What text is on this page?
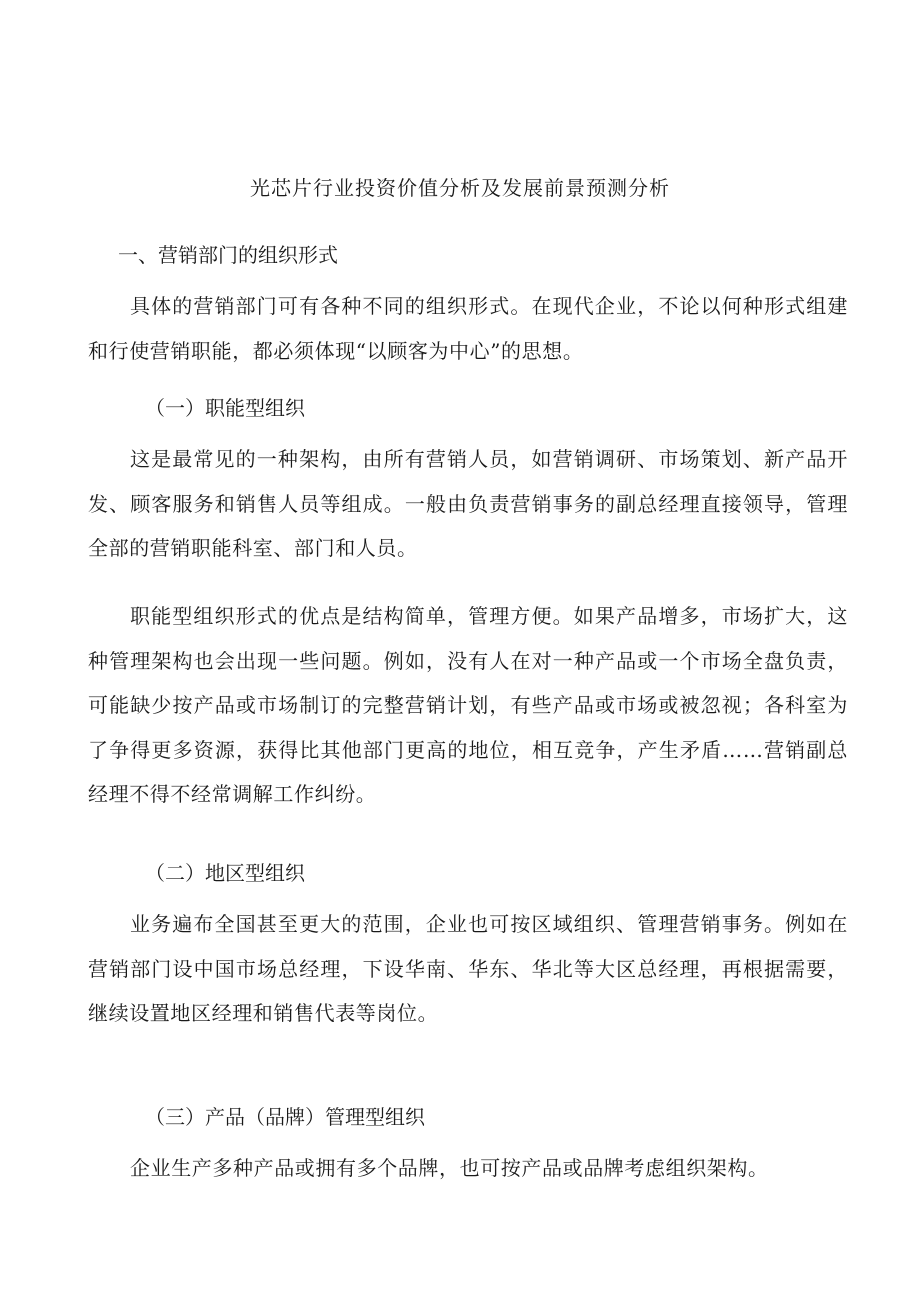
光芯片行业投资价值分析及发展前景预测分析
一、营销部门的组织形式

具体的营销部门可有各种不同的组织形式。在现代企业，不论以何种形式组建和行使营销职能，都必须体现“以顾客为中心”的思想。

（一）职能型组织

这是最常见的一种架构，由所有营销人员，如营销调研、市场策划、新产品开发、顾客服务和销售人员等组成。一般由负责营销事务的副总经理直接领导，管理全部的营销职能科室、部门和人员。

职能型组织形式的优点是结构简单，管理方便。如果产品增多，市场扩大，这种管理架构也会出现一些问题。例如，没有人在对一种产品或一个市场全盘负责，可能缺少按产品或市场制订的完整营销计划，有些产品或市场或被忽视；各科室为了争得更多资源，获得比其他部门更高的地位，相互竞争，产生矛盾……营销副总经理不得不经常调解工作纠纷。

（二）地区型组织

业务遍布全国甚至更大的范围，企业也可按区域组织、管理营销事务。例如在营销部门设中国市场总经理，下设华南、华东、华北等大区总经理，再根据需要，继续设置地区经理和销售代表等岗位。

（三）产品（品牌）管理型组织

企业生产多种产品或拥有多个品牌，也可按产品或品牌考虑组织架构。
